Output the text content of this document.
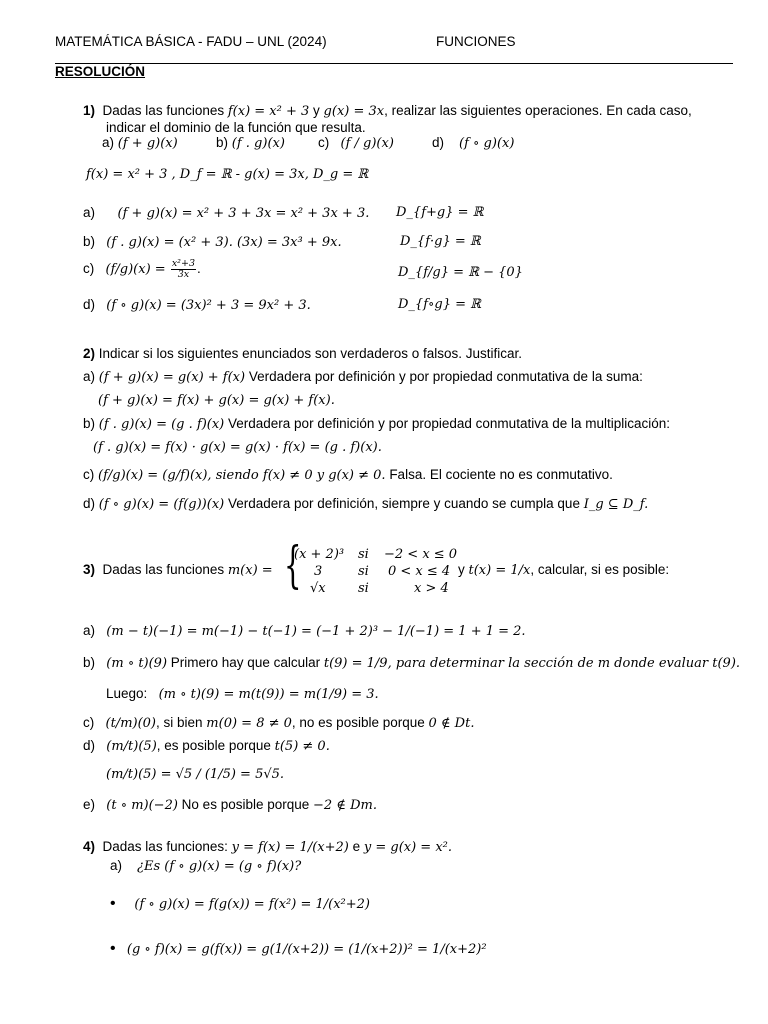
MATEMÁTICA BÁSICA - FADU – UNL (2024)	FUNCIONES
RESOLUCIÓN
1) Dadas las funciones f(x) = x² + 3 y g(x) = 3x, realizar las siguientes operaciones. En cada caso,
indicar el dominio de la función que resulta.
a) (f + g)(x)	b) (f . g)(x) c) (f / g)(x)	d) (f ∘ g)(x)
f(x) = x² + 3 , D_f = ℝ - g(x) = 3x, D_g = ℝ
a) (f + g)(x) = x² + 3 + 3x = x² + 3x + 3. D_{f+g} = ℝ
b) (f . g)(x) = (x² + 3). (3x) = 3x³ + 9x.	D_{f·g} = ℝ
c) $(f/g)(x) = \frac{\text{x²+3}}{3x}$ .	D_{f/g} = ℝ − {0}
d) (f ∘ g)(x) = (3x)² + 3 = 9x² + 3.	D_{f∘g} = ℝ
2) Indicar si los siguientes enunciados son verdaderos o falsos. Justificar.
a) (f + g)(x) = g(x) + f(x) Verdadera por definición y por propiedad conmutativa de la suma:
(f + g)(x) = f(x) + g(x) = g(x) + f(x).
b) (f . g)(x) = (g . f)(x) Verdadera por definición y por propiedad conmutativa de la multiplicación:
(f . g)(x) = f(x) · g(x) = g(x) · f(x) = (g . f)(x).
c) (f/g)(x) = (g/f)(x), siendo f(x) ≠ 0 y g(x) ≠ 0. Falsa. El cociente no es conmutativo.
d) (f ∘ g)(x) = (f(g))(x) Verdadera por definición, siempre y cuando se cumpla que I_g ⊆ D_f.
3) Dadas las funciones m(x) = {
(x + 2)³ si −2 < x ≤ 0
3	si 0 < x ≤ 4
√x si	x > 4
y t(x) = 1/x, calcular, si es posible:
a) (m − t)(−1) = m(−1) − t(−1) = (−1 + 2)³ − 1/(−1) = 1 + 1 = 2.
b) (m ∘ t)(9) Primero hay que calcular t(9) = 1/9, para determinar la sección de m donde evaluar t(9).
Luego: (m ∘ t)(9) = m(t(9)) = m(1/9) = 3.
c) (t/m)(0), si bien m(0) = 8 ≠ 0, no es posible porque 0 ∉ Dt.
d) (m/t)(5), es posible porque t(5) ≠ 0.
(m/t)(5) = √5 / (1/5) = 5√5.
e) (t ∘ m)(−2) No es posible porque −2 ∉ Dm.
4) Dadas las funciones: y = f(x) = 1/(x+2) e y = g(x) = x².
a) ¿Es (f ∘ g)(x) = (g ∘ f)(x)?
• (f ∘ g)(x) = f(g(x)) = f(x²) = 1/(x²+2)
• (g ∘ f)(x) = g(f(x)) = g(1/(x+2)) = (1/(x+2))² = 1/(x+2)²
